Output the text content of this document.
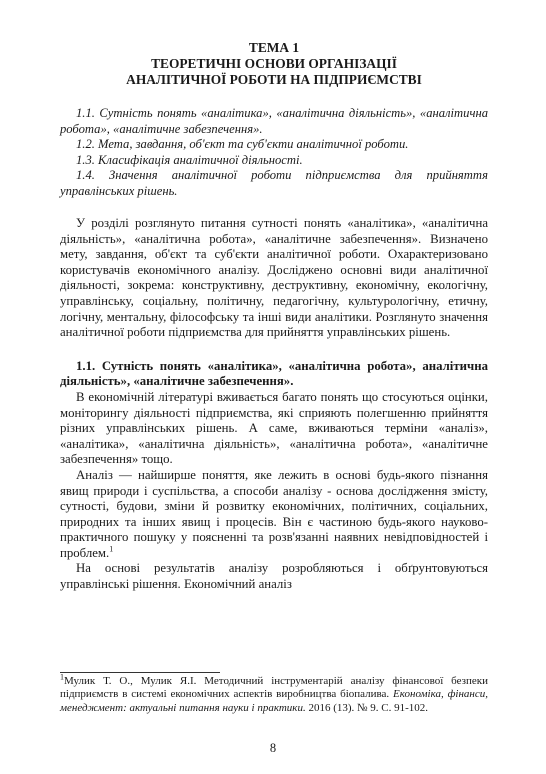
ТЕМА 1
ТЕОРЕТИЧНІ ОСНОВИ ОРГАНІЗАЦІЇ
АНАЛІТИЧНОЇ РОБОТИ НА ПІДПРИЄМСТВІ

1.1. Сутність понять «аналітика», «аналітична діяльність», «аналітична робота», «аналітичне забезпечення».

1.2. Мета, завдання, об'єкт та суб'єкти аналітичної роботи.

1.3. Класифікація аналітичної діяльності.

1.4. Значення аналітичної роботи підприємства для прийняття управлінських рішень.

У розділі розглянуто питання сутності понять «аналітика», «аналітична діяльність», «аналітична робота», «аналітичне забезпечення». Визначено мету, завдання, об'єкт та суб'єкти аналітичної роботи. Охарактеризовано користувачів економічного аналізу. Досліджено основні види аналітичної діяльності, зокрема: конструктивну, деструктивну, економічну, екологічну, управлінську, соціальну, політичну, педагогічну, культурологічну, етичну, логічну, ментальну, філософську та інші види аналітики. Розглянуто значення аналітичної роботи підприємства для прийняття управлінських рішень.

1.1. Сутність понять «аналітика», «аналітична робота», аналітична діяльність», «аналітичне забезпечення».

В економічній літературі вживається багато понять що стосуються оцінки, моніторингу діяльності підприємства, які сприяють полегшенню прийняття різних управлінських рішень. А саме, вживаються терміни «аналіз», «аналітика», «аналітична діяльність», «аналітична робота», «аналітичне забезпечення» тощо.

Аналіз — найширше поняття, яке лежить в основі будь-якого пізнання явищ природи і суспільства, а способи аналізу - основа дослідження змісту, сутності, будови, зміни й розвитку економічних, політичних, соціальних, природних та інших явищ і процесів. Він є частиною будь-якого науково-практичного пошуку у поясненні та розв'язанні наявних невідповідностей і проблем.$^1$

На основі результатів аналізу розробляються і обґрунтовуються управлінські рішення. Економічний аналіз

$^1$Мулик Т. О., Мулик Я.І. Методичний інструментарій аналізу фінансової безпеки підприємств в системі економічних аспектів виробництва біопалива. Економіка, фінанси, менеджмент: актуальні питання науки і практики. 2016 (13). № 9. С. 91-102.
8
